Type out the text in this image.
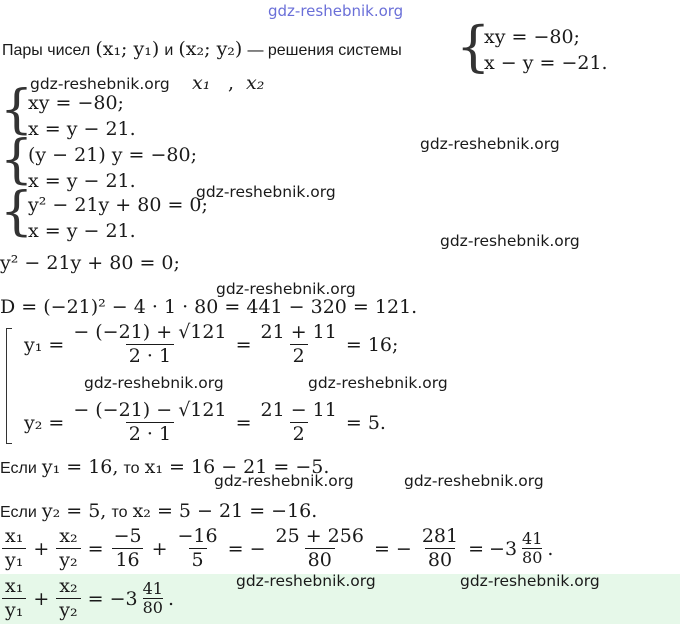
gdz-reshebnik.org
Пары чисел (x₁; y₁) и (x₂; y₂) — решения системы {
xy = −80;
x − y = −21.
gdz-reshebnik.org x₁ , x₂
{
xy = −80;
x = y − 21.
{
(y − 21) y = −80;
x = y − 21.
gdz-reshebnik.org
{
y² − 21y + 80 = 0;
x = y − 21.
gdz-reshebnik.org
gdz-reshebnik.org
y² − 21y + 80 = 0;
gdz-reshebnik.org
D = (−21)² − 4 · 1 · 80 = 441 − 320 = 121.
$y_1 = \frac{- (-21) + √121}{2 \cdot 1} = \frac{21 + 11}{2} = 16$;
gdz-reshebnik.org	gdz-reshebnik.org
$y_2 = \frac{- (-21) - √121}{2 \cdot 1} = \frac{21 - 11}{2} = 5$.
Если y₁ = 16, то x₁ = 16 − 21 = −5.
gdz-reshebnik.org	gdz-reshebnik.org
Если y₂ = 5, то x₂ = 5 − 21 = −16.
$\frac{\text{x₁}}{\text{y₁}} + \frac{\text{x₂}}{\text{y₂}} = \frac{-5}{16} + \frac{-16}{5}$ = − $\frac{25 + 256}{80}$ = − $\frac{281}{80} = -3 \frac{41}{80}$ .
$\frac{\text{x₁}}{\text{y₁}} + \frac{\text{x₂}}{\text{y₂}} = -3 \frac{41}{80}$ .
gdz-reshebnik.org	gdz-reshebnik.org
